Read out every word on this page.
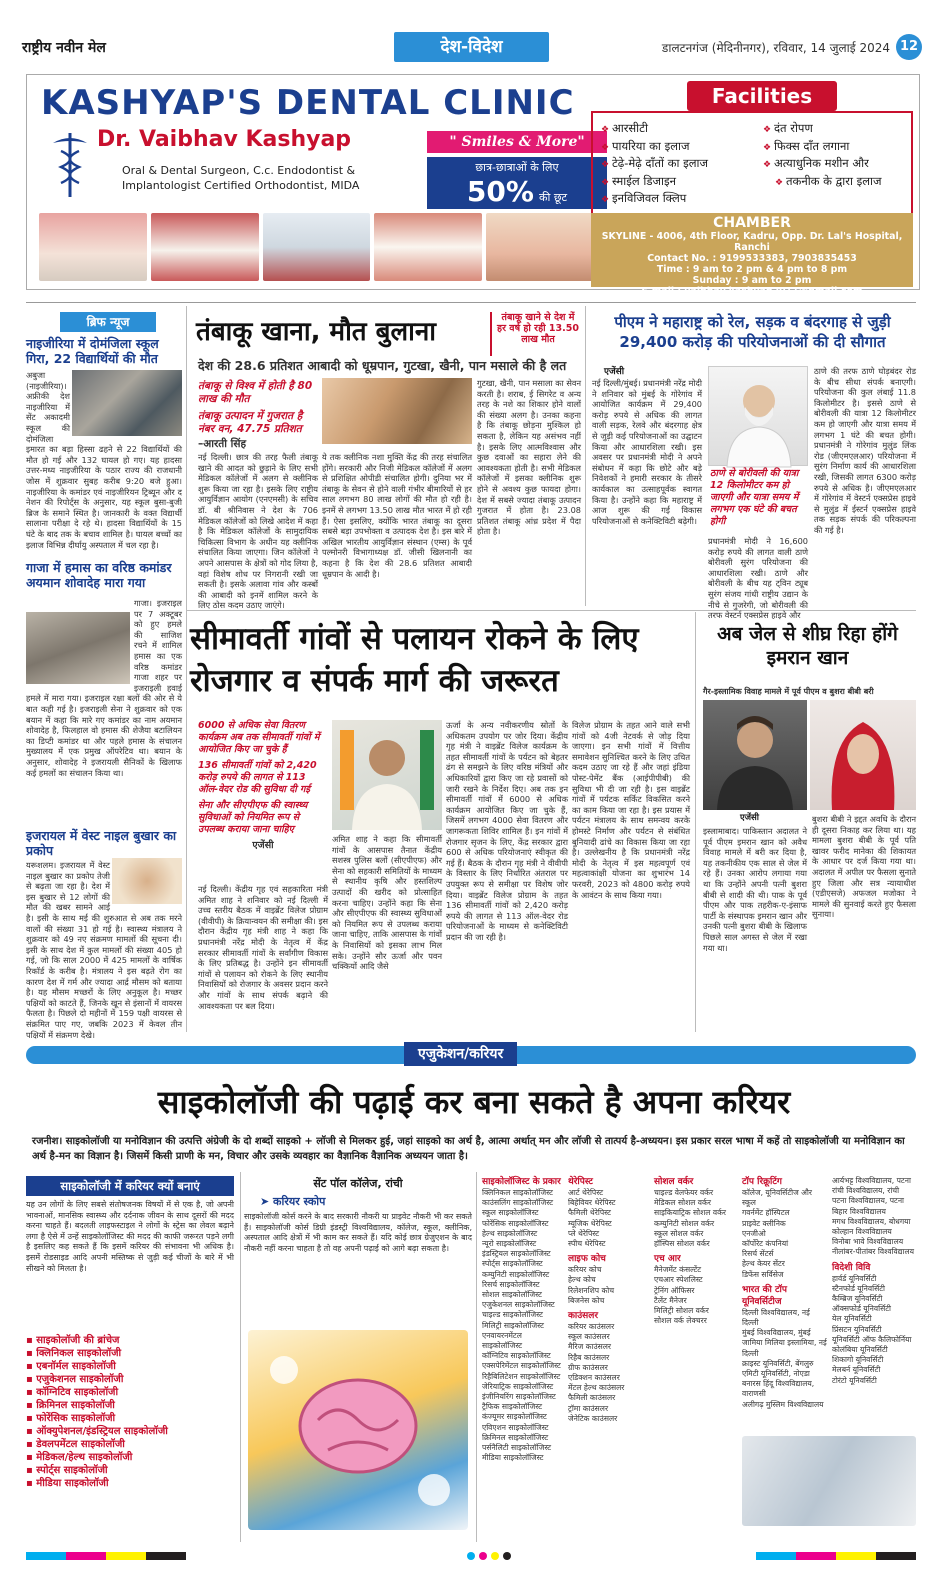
राष्ट्रीय नवीन मेल	देश-विदेश	डालटनगंज (मेदिनीनगर), रविवार, 14 जुलाई 2024 12
KASHYAP'S DENTAL CLINIC
Dr. Vaibhav Kashyap
Oral & Dental Surgeon, C.c. Endodontist & Implantologist Certified Orthodontist, MIDA
" Smiles & More"
छात्र-छात्राओं के लिए
50% की छूट
Facilities
❖ आरसीटी
❖ पायरिया का इलाज
❖ टेढ़े-मेढ़े दाँतों का इलाज
❖ स्माईल डिजाइन
❖ इनविजिवल क्लिप
❖ दंत रोपण
❖ फिक्स दाँत लगाना
❖ अत्याधुनिक मशीन और
❖ तकनीक के द्वारा इलाज
CHAMBER
SKYLINE - 4006, 4th Floor, Kadru, Opp. Dr. Lal's Hospital, Ranchi
Contact No. : 9199533383, 7903835453
Time : 9 am to 2 pm & 4 pm to 8 pm
Sunday : 9 am to 2 pm
E-mail : vaibhav.kashyap2011@gmail.com
ब्रिफ न्यूज
नाइजीरिया में दोमंजिला स्कूल गिरा, 22 विद्यार्थियों की मौत
अबुजा (नाइजीरिया)। अफ्रीकी देश नाइजीरिया में सेंट अकादमी स्कूल की दोमंजिला इमारत का बड़ा हिस्सा ढहने से 22 विद्यार्थियों की मौत हो गई और 132 घायल हो गए। यह हादसा उत्तर-मध्य नाइजीरिया के पठार राज्य की राजधानी जोस में शुक्रवार सुबह करीब 9:20 बजे हुआ। नाइजीरिया के कमांडर एवं नाइजीरियन ट्रिब्यून और द नेशन की रिपोर्ट्स के अनुसार, यह स्कूल बुसा-बुजी ब्रिज के समाने स्थित है। जानकारी के वक्त विद्यार्थी सालाना परीक्षा दे रहे थे। हादसा विद्यार्थियों के 15 घंटे के बाद तक के बचाव शामिल है। घायल बच्चों का इलाज विभिन्न दीर्घायु अस्पताल में चल रहा है।
गाजा में हमास का वरिष्ठ कमांडर अयमान शोवादेह मारा गया
गाजा। इजराइल पर 7 अक्टूबर को हुए हमले की साजिश रचने में शामिल हमास का एक वरिष्ठ कमांडर गाजा शहर पर इजराइली हवाई हमले में मारा गया। इजराइल रक्षा बलों की ओर से ये बात कही गई है। इजराइली सेना ने शुक्रवार को एक बयान में कहा कि मारे गए कमांडर का नाम अयमान शोवादेह है, फिलहाल वो हमास की शेजैया बटालियन का डिप्टी कमांडर था और पहले हमास के संचालन मुख्यालय में एक प्रमुख ऑपरेटिव था। बयान के अनुसार, शोवादेह ने इजरायली सैनिकों के खिलाफ कई हमलों का संचालन किया था।
इजरायल में वेस्ट नाइल बुखार का प्रकोप
यरूशलम। इजरायल में वेस्ट नाइल बुखार का प्रकोप तेजी से बढ़ता जा रहा है। देश में इस बुखार से 12 लोगों की मौत की खबर सामने आई है। इसी के साथ मई की शुरुआत से अब तक मरने वालों की संख्या 31 हो गई है। स्वास्थ्य मंत्रालय ने शुक्रवार को 49 नए संक्रमण मामलों की सूचना दी। इसी के साथ देश में कुल मामलों की संख्या 405 हो गई, जो कि साल 2000 में 425 मामलों के वार्षिक रिकॉर्ड के करीब है। मंत्रालय ने इस बढ़ते रोग का कारण देश में गर्म और ज्यादा आर्द्र मौसम को बताया है। यह मौसम मच्छरों के लिए अनुकूल है। मच्छर पक्षियों को काटते हैं, जिनके खून से इंसानों में वायरस फैलता है। पिछले दो महीनों में 159 पक्षी वायरस से संक्रमित पाए गए, जबकि 2023 में केवल तीन पक्षियों में संक्रमण देखे।
तंबाकू खाना, मौत बुलाना	तंबाकू खाने से देश में हर वर्ष हो रही 13.50 लाख मौत
देश की 28.6 प्रतिशत आबादी को धूम्रपान, गुटखा, खैनी, पान मसाले की है लत
तंबाकू से विश्व में होती है 80 लाख की मौत
तंबाकू उत्पादन में गुजरात है नंबर वन, 47.75 प्रतिशत
–आरती सिंह
नई दिल्ली। छात्र की तरह फैली तंबाकू खाने की आदत को छुड़ाने के लिए सभी मेडिकल कॉलेजों में अलग से क्लीनिक शुरू किया जा रहा है। इसके लिए राष्ट्रीय आयुर्विज्ञान आयोग (एनएमसी) के सचिव डॉ. बी श्रीनिवास ने देश के 706 मेडिकल कॉलेजों को लिखे आदेश में कहा है कि मेडिकल कॉलेजों के सामुदायिक चिकित्सा विभाग के अधीन यह क्लीनिक संचालित किया जाएगा। जिन कॉलेजों ने अपने आसपास के क्षेत्रों को गोद लिया है, वहां विशेष शोध पर निगरानी रखी जा सकती है। इसके अलावा गांव और कस्बों की आबादी को इनमें शामिल करने के लिए ठोस कदम उठाए जाएंगे।
ये तक क्लीनिक नशा मुक्ति केंद्र की तरह संचालित होंगे। सरकारी और निजी मेडिकल कॉलेजों में अलग से प्रशिक्षित ओपीडी संचालित होगी। दुनिया भर में तंबाकू के सेवन से होने वाली गंभीर बीमारियों से हर साल लगभग 80 लाख लोगों की मौत हो रही है। इनमें से लगभग 13.50 लाख मौत भारत में हो रही हैं। ऐसा इसलिए, क्योंकि भारत तंबाकू का दूसरा सबसे बड़ा उपभोक्ता व उत्पादक देश है। इस बारे में अखिल भारतीय आयुर्विज्ञान संस्थान (एम्स) के पूर्व पल्मोनरी विभागाध्यक्ष डॉ. जीसी खिलनानी का कहना है कि देश की 28.6 प्रतिशत आबादी धूम्रपान के आदी है।
गुटखा, खैनी, पान मसाला का सेवन करती है। शराब, ई सिगरेट व अन्य तरह के नशे का शिकार होने वालों की संख्या अलग है। उनका कहना है कि तंबाकू छोड़ना मुश्किल हो सकता है, लेकिन यह असंभव नहीं है। इसके लिए आत्मविश्वास और कुछ दवाओं का सहारा लेने की आवश्यकता होती है। सभी मेडिकल कॉलेजों में इसका क्लीनिक शुरू होने से अवश्य कुछ फायदा होगा। देश में सबसे ज्यादा तंबाकू उत्पादन गुजरात में होता है। 23.08 प्रतिशत तंबाकू आंध्र प्रदेश में पैदा होता है।
पीएम ने महाराष्ट्र को रेल, सड़क व बंदरगाह से जुड़ी 29,400 करोड़ की परियोजनाओं की दी सौगात
एजेंसी
नई दिल्ली/मुंबई। प्रधानमंत्री नरेंद्र मोदी ने शनिवार को मुंबई के गोरेगांव में आयोजित कार्यक्रम में 29,400 करोड़ रुपये से अधिक की लागत वाली सड़क, रेलवे और बंदरगाह क्षेत्र से जुड़ी कई परियोजनाओं का उद्घाटन किया और आधारशिला रखी। इस अवसर पर प्रधानमंत्री मोदी ने अपने संबोधन में कहा कि छोटे और बड़े निवेशकों ने हमारी सरकार के तीसरे कार्यकाल का उत्साहपूर्वक स्वागत किया है। उन्होंने कहा कि महाराष्ट्र में आज शुरू की गई विकास परियोजनाओं से कनेक्टिविटी बढ़ेगी।
ठाणे से बोरीवली की यात्रा 12 किलोमीटर कम हो जाएगी और यात्रा समय में लगभग एक घंटे की बचत होगी
प्रधानमंत्री मोदी ने 16,600 करोड़ रुपये की लागत वाली ठाणे बोरीवली सुरंग परियोजना की आधारशिला रखी। ठाणे और बोरीवली के बीच यह ट्विन ट्यूब सुरंग संजय गांधी राष्ट्रीय उद्यान के नीचे से गुजरेगी, जो बोरीवली की तरफ वेस्टर्न एक्सप्रेस हाइवे और
ठाणे की तरफ ठाणे घोड़बंदर रोड के बीच सीधा संपर्क बनाएगी। परियोजना की कुल लंबाई 11.8 किलोमीटर है। इससे ठाणे से बोरीवली की यात्रा 12 किलोमीटर कम हो जाएगी और यात्रा समय में लगभग 1 घंटे की बचत होगी। प्रधानमंत्री ने गोरेगांव मुलुंड लिंक रोड (जीएमएलआर) परियोजना में सुरंग निर्माण कार्य की आधारशिला रखी, जिसकी लागत 6300 करोड़ रुपये से अधिक है। जीएमएलआर में गोरेगांव में वेस्टर्न एक्सप्रेस हाइवे से मुलुंड में ईस्टर्न एक्सप्रेस हाइवे तक सड़क संपर्क की परिकल्पना की गई है।
सीमावर्ती गांवों से पलायन रोकने के लिए रोजगार व संपर्क मार्ग की जरूरत
6000 से अधिक सेवा वितरण कार्यक्रम अब तक सीमावर्ती गांवों में आयोजित किए जा चुके हैं
136 सीमावर्ती गांवों को 2,420 करोड़ रुपये की लागत से 113 ऑल-वेदर रोड की सुविधा दी गई
सेना और सीएपीएफ की स्वास्थ्य सुविधाओं को नियमित रूप से उपलब्ध कराया जाना चाहिए
एजेंसी
नई दिल्ली। केंद्रीय गृह एवं सहकारिता मंत्री अमित शाह ने शनिवार को नई दिल्ली में उच्च स्तरीय बैठक में वाइब्रेंट विलेज प्रोग्राम (वीवीपी) के क्रियान्वयन की समीक्षा की। इस दौरान केंद्रीय गृह मंत्री शाह ने कहा कि प्रधानमंत्री नरेंद्र मोदी के नेतृत्व में केंद्र सरकार सीमावर्ती गांवों के सर्वांगीण विकास के लिए प्रतिबद्ध है। उन्होंने इन सीमावर्ती गांवों से पलायन को रोकने के लिए स्थानीय निवासियों को रोजगार के अवसर प्रदान करने और गांवों के साथ संपर्क बढ़ाने की आवश्यकता पर बल दिया।
अमित शाह ने कहा कि सीमावर्ती गांवों के आसपास तैनात केंद्रीय सशस्त्र पुलिस बलों (सीएपीएफ) और सेना को सहकारी समितियों के माध्यम से स्थानीय कृषि और हस्तशिल्प उत्पादों की खरीद को प्रोत्साहित करना चाहिए। उन्होंने कहा कि सेना और सीएपीएफ की स्वास्थ्य सुविधाओं को नियमित रूप से उपलब्ध कराया जाना चाहिए, ताकि आसपास के गांवों के निवासियों को इसका लाभ मिल सके। उन्होंने सौर ऊर्जा और पवन चक्कियों आदि जैसे
ऊर्जा के अन्य नवीकरणीय स्रोतों के अधिकतम उपयोग पर जोर दिया। केंद्रीय गृह मंत्री ने वाइब्रेंट विलेज कार्यक्रम के तहत सीमावर्ती गांवों के पर्यटन को बेहतर ढंग से समझने के लिए वरिष्ठ मंत्रियों और अधिकारियों द्वारा किए जा रहे प्रवासों को जारी रखने के निर्देश दिए। अब तक इन सीमावर्ती गांवों में 6000 से अधिक कार्यक्रम आयोजित किए जा चुके हैं, जिसमें लगभग 4000 सेवा वितरण और जागरूकता शिविर शामिल हैं। इन गांवों में रोजगार सृजन के लिए, केंद्र सरकार द्वारा 600 से अधिक परियोजनाएं स्वीकृत की गई हैं। बैठक के दौरान गृह मंत्री ने वीवीपी के विस्तार के लिए निर्धारित अंतराल पर उपयुक्त रूप से समीक्षा पर विशेष जोर दिया। वाइब्रेंट विलेज प्रोग्राम के तहत 136 सीमावर्ती गांवों को 2,420 करोड़ रुपये की लागत से 113 ऑल-वेदर रोड परियोजनाओं के माध्यम से कनेक्टिविटी प्रदान की जा रही है।
विलेज प्रोग्राम के तहत आने वाले सभी गांवों को 4जी नेटवर्क से जोड़ दिया जाएगा। इन सभी गांवों में वित्तीय समावेशन सुनिश्चित करने के लिए उचित कदम उठाए जा रहे हैं और जहां इंडिया पोस्ट-पेमेंट बैंक (आईपीपीबी) की सुविधा भी दी जा रही है। इस वाइब्रेंट गांवों में पर्यटक सर्किट विकसित करने का काम किया जा रहा है। इस प्रयास में पर्यटन मंत्रालय के साथ समन्वय करके होमस्टे निर्माण और पर्यटन से संबंधित बुनियादी ढांचे का विकास किया जा रहा है। उल्लेखनीय है कि प्रधानमंत्री नरेंद्र मोदी के नेतृत्व में इस महत्वपूर्ण एवं महत्वाकांक्षी योजना का शुभारंभ 14 फरवरी, 2023 को 4800 करोड़ रुपये के आवंटन के साथ किया गया।
अब जेल से शीघ्र रिहा होंगे इमरान खान
गैर-इस्लामिक विवाह मामले में पूर्व पीएम व बुशरा बीबी बरी
एजेंसी
इस्लामाबाद। पाकिस्तान अदालत ने पूर्व पीएम इमरान खान को अवैध विवाह मामले में बरी कर दिया है, यह तकनीकीय एक साल से जेल में रहे हैं। उनका आरोप लगाया गया था कि उन्होंने अपनी पत्नी बुशरा बीबी से शादी की थी। पाक के पूर्व पीएम और पाक तहरीक-ए-इंसाफ पार्टी के संस्थापक इमरान खान और उनकी पत्नी बुशरा बीबी के खिलाफ पिछले साल अगस्त से जेल में रखा गया था।
बुशरा बीबी ने इद्दत अवधि के दौरान ही दूसरा निकाह कर लिया था। यह मामला बुशरा बीबी के पूर्व पति खावर फरीद मानेका की शिकायत के आधार पर दर्ज किया गया था। अदालत में अपील पर फैसला सुनाते हुए जिला और सत्र न्यायाधीश (एडीएसजे) अफजल मजोका ने मामले की सुनवाई करते हुए फैसला सुनाया।
एजुकेशन/करियर
साइकोलॉजी की पढ़ाई कर बना सकते है अपना करियर
रजनीश। साइकोलॉजी या मनोविज्ञान की उत्पत्ति अंग्रेजी के दो शब्दों साइको + लॉजी से मिलकर हुई, जहां साइको का अर्थ है, आत्मा अर्थात् मन और लॉजी से तात्पर्य है-अध्ययन। इस प्रकार सरल भाषा में कहें तो साइकोलॉजी या मनोविज्ञान का अर्थ है-मन का विज्ञान है। जिसमें किसी प्राणी के मन, विचार और उसके व्यवहार का वैज्ञानिक वैज्ञानिक अध्ययन जाता है।
साइकोलॉजी में करियर क्यों बनाएं
यह उन लोगों के लिए सबसे संतोषजनक विषयों में से एक है, जो अपनी भावनाओं, मानसिक स्वास्थ्य और दर्दनाक जीवन के साथ दूसरों की मदद करना चाहते हैं। बदलती लाइफस्टाइल ने लोगों के स्ट्रेस का लेवल बढ़ाने लगा है ऐसे में उन्हें साइकोलॉजिस्ट की मदद की काफी जरूरत पड़ने लगी है इसलिए कह सकते हैं कि इसमें करियर की संभावना भी अधिक है। इसमें रोडसाइड आदि अपनी मस्तिष्क से जुड़ी कई चीजों के बारे में भी सीखने को मिलता है।
▪ साइकोलॉजी की ब्रांचेज
▪ क्लिनिकल साइकोलॉजी
▪ एबनॉर्मल साइकोलॉजी
▪ एजुकेशनल साइकोलॉजी
▪ कॉग्निटिव साइकोलॉजी
▪ क्रिमिनल साइकोलॉजी
▪ फोरेंसिक साइकोलॉजी
▪ ऑक्युपेशनल/इंडस्ट्रियल साइकोलॉजी
▪ डेवलपमेंटल साइकोलॉजी
▪ मेडिकल/हेल्थ साइकोलॉजी
▪ स्पोर्ट्स साइकोलॉजी
▪ मीडिया साइकोलॉजी
सेंट पॉल कॉलेज, रांची
➤ करियर स्कोप
साइकोलॉजी कोर्स करने के बाद सरकारी नौकरी या प्राइवेट नौकरी भी कर सकते हैं। साइकोलॉजी कोर्स डिग्री इंडस्ट्री विश्वविद्यालय, कॉलेज, स्कूल, क्लीनिक, अस्पताल आदि क्षेत्रों में भी काम कर सकते हैं। यदि कोई छात्र ग्रेजुएशन के बाद नौकरी नहीं करना चाहता है तो वह अपनी पढ़ाई को आगे बढ़ा सकता है।
साइकोलॉजिस्ट के प्रकार
क्लिनिकल साइकोलॉजिस्ट
काउंसलिंग साइकोलॉजिस्ट
स्कूल साइकोलॉजिस्ट
फोरेंसिक साइकोलॉजिस्ट
हेल्थ साइकोलॉजिस्ट
न्यूरो साइकोलॉजिस्ट
इंडस्ट्रियल साइकोलॉजिस्ट
स्पोर्ट्स साइकोलॉजिस्ट
कम्युनिटी साइकोलॉजिस्ट
रिसर्च साइकोलॉजिस्ट
सोशल साइकोलॉजिस्ट
एजुकेशनल साइकोलॉजिस्ट
चाइल्ड साइकोलॉजिस्ट
मिलिट्री साइकोलॉजिस्ट
एनवायरनमेंटल साइकोलॉजिस्ट
कॉग्निटिव साइकोलॉजिस्ट
एक्सपेरिमेंटल साइकोलॉजिस्ट
रिहैबिलिटेशन साइकोलॉजिस्ट
जेरियाट्रिक साइकोलॉजिस्ट
इंजीनियरिंग साइकोलॉजिस्ट
ट्रैफिक साइकोलॉजिस्ट
कंज्यूमर साइकोलॉजिस्ट
एविएशन साइकोलॉजिस्ट
क्रिमिनल साइकोलॉजिस्ट
पर्सनैलिटी साइकोलॉजिस्ट
मीडिया साइकोलॉजिस्ट
थेरेपिस्ट
आर्ट थेरेपिस्ट
बिहेवियर थेरेपिस्ट
फैमिली थेरेपिस्ट
म्यूजिक थेरेपिस्ट
प्ले थेरेपिस्ट
स्पीच थेरेपिस्ट
लाइफ कोच
करियर कोच
हेल्थ कोच
रिलेशनशिप कोच
बिजनेस कोच
काउंसलर
करियर काउंसलर
स्कूल काउंसलर
मैरिज काउंसलर
रिहैब काउंसलर
ग्रीफ काउंसलर
एडिक्शन काउंसलर
मेंटल हेल्थ काउंसलर
फैमिली काउंसलर
ट्रॉमा काउंसलर
जेनेटिक काउंसलर
सोशल वर्कर
चाइल्ड वेलफेयर वर्कर
मेडिकल सोशल वर्कर
साइकियाट्रिक सोशल वर्कर
कम्युनिटी सोशल वर्कर
स्कूल सोशल वर्कर
हॉस्पिस सोशल वर्कर
एच आर
मैनेजमेंट कंसल्टेंट
एचआर स्पेशलिस्ट
ट्रेनिंग ऑफिसर
टैलेंट मैनेजर
मिलिट्री सोशल वर्कर
सोशल वर्क लेक्चरर
टॉप रिक्रूटिंग
कॉलेज, यूनिवर्सिटीज और स्कूल
गवर्नमेंट हॉस्पिटल
प्राइवेट क्लीनिक
एनजीओ
कॉर्पोरेट कंपनियां
रिसर्च सेंटर्स
हेल्थ केयर सेंटर
डिफेंस सर्विसेज
भारत की टॉप यूनिवर्सिटीज
दिल्ली विश्वविद्यालय, नई दिल्ली
मुंबई विश्वविद्यालय, मुंबई
जामिया मिलिया इस्लामिया, नई दिल्ली
क्राइस्ट यूनिवर्सिटी, बेंगलुरु
एमिटी यूनिवर्सिटी, नोएडा
बनारस हिंदू विश्वविद्यालय, वाराणसी
अलीगढ़ मुस्लिम विश्वविद्यालय
आर्यभट्ट विश्वविद्यालय, पटना
रांची विश्वविद्यालय, रांची
पटना विश्वविद्यालय, पटना
बिहार विश्वविद्यालय
मगध विश्वविद्यालय, बोधगया
कोल्हान विश्वविद्यालय
विनोबा भावे विश्वविद्यालय
नीलांबर-पीतांबर विश्वविद्यालय
विदेशी विवि
हार्वर्ड यूनिवर्सिटी
स्टैनफोर्ड यूनिवर्सिटी
कैम्ब्रिज यूनिवर्सिटी
ऑक्सफोर्ड यूनिवर्सिटी
येल यूनिवर्सिटी
प्रिंसटन यूनिवर्सिटी
यूनिवर्सिटी ऑफ कैलिफोर्निया
कोलंबिया यूनिवर्सिटी
शिकागो यूनिवर्सिटी
मेलबर्न यूनिवर्सिटी
टोरंटो यूनिवर्सिटी
